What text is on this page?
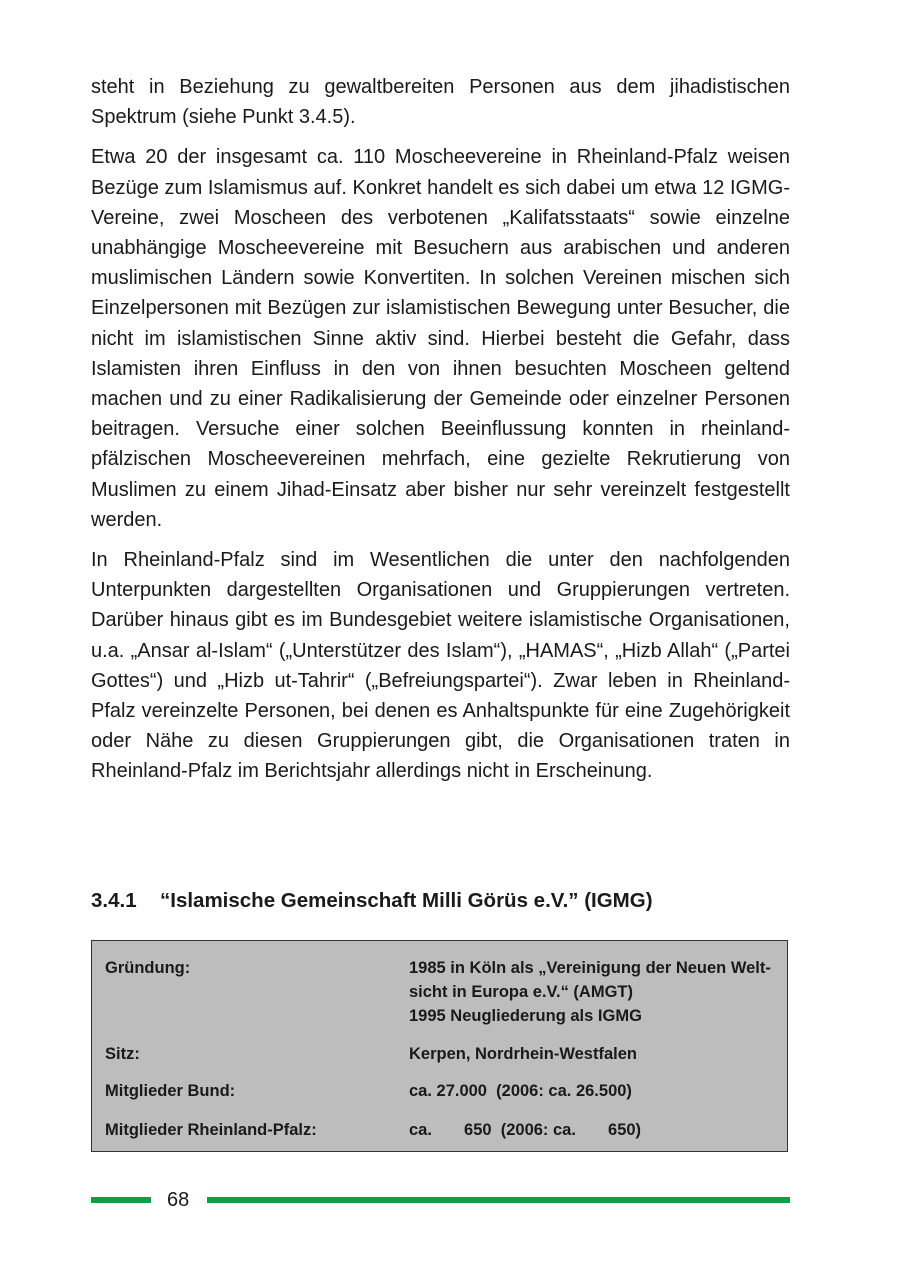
steht in Beziehung zu gewaltbereiten Personen aus dem jihadistischen Spektrum (siehe Punkt 3.4.5).

Etwa 20 der insgesamt ca. 110 Moscheevereine in Rheinland-Pfalz weisen Bezüge zum Islamismus auf. Konkret handelt es sich dabei um etwa 12 IGMG-Vereine, zwei Moscheen des verbotenen „Kalifatsstaats“ sowie einzelne unabhängige Moscheevereine mit Besuchern aus arabischen und anderen muslimischen Ländern sowie Konvertiten. In solchen Vereinen mischen sich Einzelpersonen mit Bezügen zur islamistischen Bewegung unter Besucher, die nicht im islamistischen Sinne aktiv sind. Hierbei besteht die Gefahr, dass Islamisten ihren Einfluss in den von ihnen besuchten Moscheen geltend machen und zu einer Radikalisierung der Gemeinde oder einzelner Personen beitragen. Versuche einer solchen Beeinflussung konnten in rheinland-pfälzischen Moscheevereinen mehrfach, eine gezielte Rekrutierung von Muslimen zu einem Jihad-Einsatz aber bisher nur sehr vereinzelt festgestellt werden.

In Rheinland-Pfalz sind im Wesentlichen die unter den nachfolgenden Unterpunkten dargestellten Organisationen und Gruppierungen vertreten. Darüber hinaus gibt es im Bundesgebiet weitere islamistische Organisationen, u.a. „Ansar al-Islam“ („Unterstützer des Islam“), „HAMAS“, „Hizb Allah“ („Partei Gottes“) und „Hizb ut-Tahrir“ („Befreiungspartei“). Zwar leben in Rheinland-Pfalz vereinzelte Personen, bei denen es Anhaltspunkte für eine Zugehörigkeit oder Nähe zu diesen Gruppierungen gibt, die Organisationen traten in Rheinland-Pfalz im Berichtsjahr allerdings nicht in Erscheinung.

3.4.1 “Islamische Gemeinschaft Milli Görüs e.V.” (IGMG)
Gründung:	1985 in Köln als „Vereinigung der Neuen Welt-
sicht in Europa e.V.“ (AMGT)
1995 Neugliederung als IGMG
Sitz:	Kerpen, Nordrhein-Westfalen
Mitglieder Bund:	ca. 27.000  (2006: ca. 26.500)
Mitglieder Rheinland-Pfalz:	ca.       650  (2006: ca.       650)
68
